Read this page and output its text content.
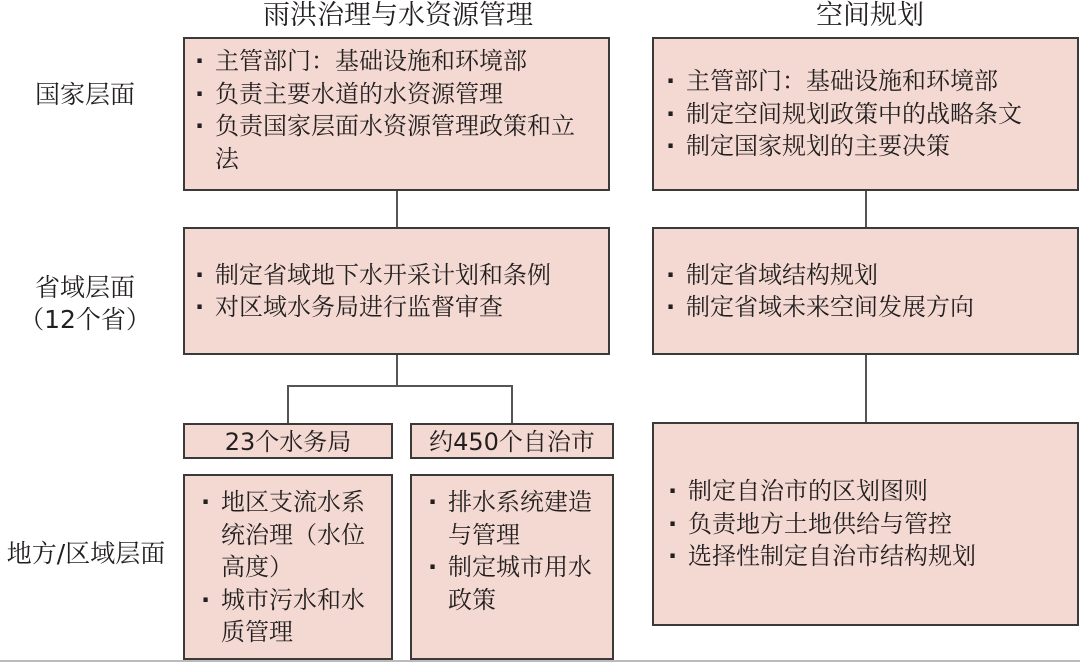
雨洪治理与水资源管理	空间规划
国家层面
省域层面
（12个省）
地方/区域层面
· 主管部门：基础设施和环境部
· 负责主要水道的水资源管理
· 负责国家层面水资源管理政策和立法
· 主管部门：基础设施和环境部
· 制定空间规划政策中的战略条文
· 制定国家规划的主要决策
· 制定省域地下水开采计划和条例
· 对区域水务局进行监督审查
· 制定省域结构规划
· 制定省域未来空间发展方向
23个水务局
· 地区支流水系统治理（水位高度）
· 城市污水和水质管理
约450个自治市
· 排水系统建造与管理
· 制定城市用水政策
· 制定自治市的区划图则
· 负责地方土地供给与管控
· 选择性制定自治市结构规划
